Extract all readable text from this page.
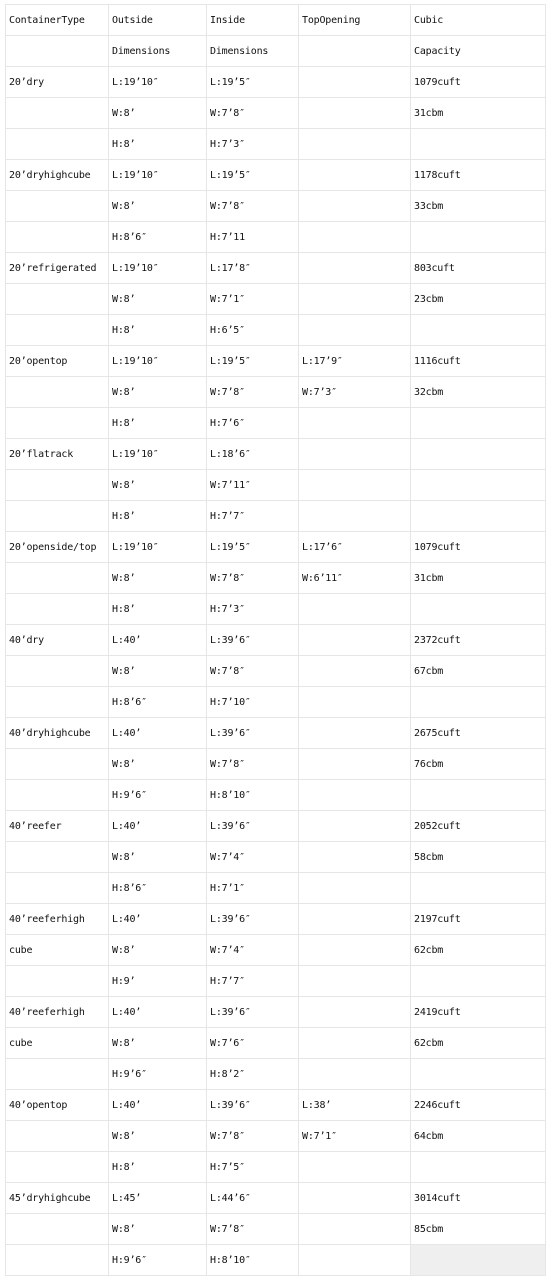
ContainerType	Outside	Inside	TopOpening	Cubic
	Dimensions	Dimensions		Capacity
20’dry	L:19’10″	L:19’5″		1079cuft
	W:8’	W:7’8″		31cbm
	H:8’	H:7’3″		
20’dryhighcube	L:19’10″	L:19’5″		1178cuft
	W:8’	W:7’8″		33cbm
	H:8’6″	H:7’11		
20’refrigerated	L:19’10″	L:17’8″		803cuft
	W:8’	W:7’1″		23cbm
	H:8’	H:6’5″		
20’opentop	L:19’10″	L:19’5″	L:17’9″	1116cuft
	W:8’	W:7’8″	W:7’3″	32cbm
	H:8’	H:7’6″		
20’flatrack	L:19’10″	L:18’6″		
	W:8’	W:7’11″		
	H:8’	H:7’7″		
20’openside/top	L:19’10″	L:19’5″	L:17’6″	1079cuft
	W:8’	W:7’8″	W:6’11″	31cbm
	H:8’	H:7’3″		
40’dry	L:40’	L:39’6″		2372cuft
	W:8’	W:7’8″		67cbm
	H:8’6″	H:7’10″		
40’dryhighcube	L:40’	L:39’6″		2675cuft
	W:8’	W:7’8″		76cbm
	H:9’6″	H:8’10″		
40’reefer	L:40’	L:39’6″		2052cuft
	W:8’	W:7’4″		58cbm
	H:8’6″	H:7’1″		
40’reeferhigh	L:40’	L:39’6″		2197cuft
cube	W:8’	W:7’4″		62cbm
	H:9’	H:7’7″		
40’reeferhigh	L:40’	L:39’6″		2419cuft
cube	W:8’	W:7’6″		62cbm
	H:9’6″	H:8’2″		
40’opentop	L:40’	L:39’6″	L:38’	2246cuft
	W:8’	W:7’8″	W:7’1″	64cbm
	H:8’	H:7’5″		
45’dryhighcube	L:45’	L:44’6″		3014cuft
	W:8’	W:7’8″		85cbm
	H:9’6″	H:8’10″		
